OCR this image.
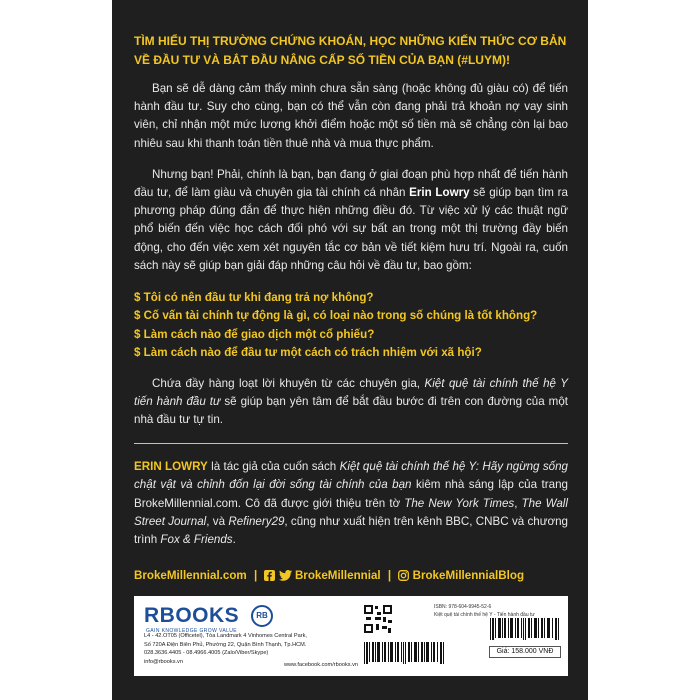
TÌM HIỂU THỊ TRƯỜNG CHỨNG KHOÁN, HỌC NHỮNG KIẾN THỨC CƠ BẢN VỀ ĐẦU TƯ VÀ BẮT ĐẦU NÂNG CẤP SỐ TIỀN CỦA BẠN (#LUYM)!

Bạn sẽ dễ dàng cảm thấy mình chưa sẵn sàng (hoặc không đủ giàu có) để tiến hành đầu tư. Suy cho cùng, bạn có thể vẫn còn đang phải trả khoản nợ vay sinh viên, chỉ nhận một mức lương khởi điểm hoặc một số tiền mà sẽ chẳng còn lại bao nhiêu sau khi thanh toán tiền thuê nhà và mua thực phẩm.

Nhưng bạn! Phải, chính là bạn, bạn đang ở giai đoạn phù hợp nhất để tiến hành đầu tư, để làm giàu và chuyên gia tài chính cá nhân Erin Lowry sẽ giúp bạn tìm ra phương pháp đúng đắn để thực hiện những điều đó. Từ việc xử lý các thuật ngữ phổ biến đến việc học cách đối phó với sự bất an trong một thị trường đầy biến động, cho đến việc xem xét nguyên tắc cơ bản về tiết kiệm hưu trí. Ngoài ra, cuốn sách này sẽ giúp bạn giải đáp những câu hỏi về đầu tư, bao gồm:

$ Tôi có nên đầu tư khi đang trả nợ không?
$ Cố vấn tài chính tự động là gì, có loại nào trong số chúng là tốt không?
$ Làm cách nào để giao dịch một cổ phiếu?
$ Làm cách nào để đầu tư một cách có trách nhiệm với xã hội?

Chứa đầy hàng loạt lời khuyên từ các chuyên gia, Kiệt quệ tài chính thế hệ Y tiến hành đầu tư sẽ giúp bạn yên tâm để bắt đầu bước đi trên con đường của một nhà đầu tư tự tin.

ERIN LOWRY là tác giả của cuốn sách Kiệt quệ tài chính thế hệ Y: Hãy ngừng sống chật vật và chỉnh đốn lại đời sống tài chính của bạn kiêm nhà sáng lập của trang BrokeMillennial.com. Cô đã được giới thiệu trên tờ The New York Times, The Wall Street Journal, và Refinery29, cũng như xuất hiện trên kênh BBC, CNBC và chương trình Fox & Friends.

BrokeMillennial.com |	BrokeMillennial | BrokeMillennialBlog
RBOOKS
GAIN KNOWLEDGE GROW VALUE
RB
L4 - 42.OT05 (Officetel), Tòa Landmark 4 Vinhomes Central Park,
Số 720A Điện Biên Phủ, Phường 22, Quận Bình Thạnh, Tp.HCM.
028.3636.4405 - 08.4966.4005 (Zalo/Viber/Skype)
info@rbooks.vn
www.facebook.com/rbooks.vn
ISBN: 978-604-9945-52-6
Kiệt quệ tài chính thế hệ Y - Tiến hành đầu tư
Giá: 158.000 VNĐ
